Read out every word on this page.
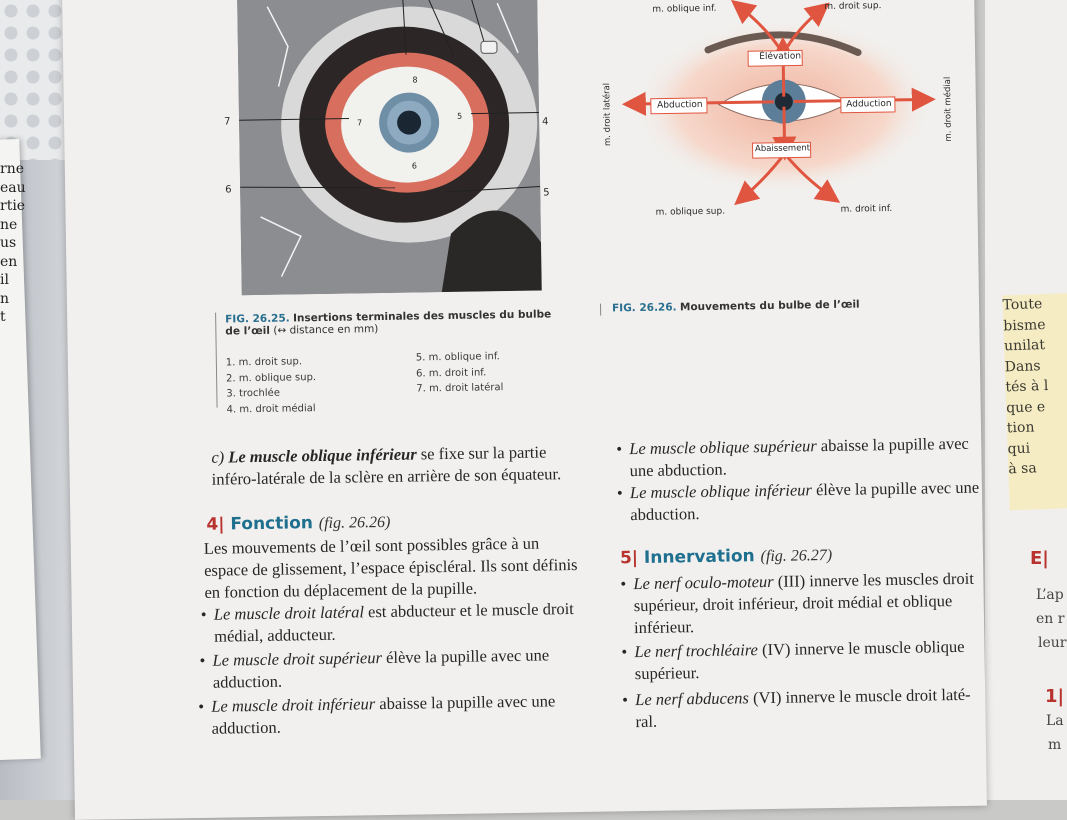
rne
eau
rtie
ne
us
en
il
n
t
Toute
bisme
unilat
Dans
tés à l
que e
tion
qui
à sa
E|
L’ap
en r
leur
1|
La
m
8
7
5
6
7
6
4
5
FIG. 26.25. Insertions terminales des muscles du bulbe
de l’œil (↔ distance en mm)
1. m. droit sup.
2. m. oblique sup.
3. trochlée
4. m. droit médial
5. m. oblique inf.
6. m. droit inf.
7. m. droit latéral
Élévation
Abaissement
Abduction	Adduction
m. oblique inf.	m. droit sup.
m. oblique sup.	m. droit inf.
m. droit latéral	m. droit médial
FIG. 26.26. Mouvements du bulbe de l’œil
c) Le muscle oblique inférieur se fixe sur la partie
inféro-latérale de la sclère en arrière de son équateur.
4| Fonction (fig. 26.26)
Les mouvements de l’œil sont possibles grâce à un
espace de glissement, l’espace épiscléral. Ils sont définis
en fonction du déplacement de la pupille.
• Le muscle droit latéral est abducteur et le muscle droit
médial, adducteur.
• Le muscle droit supérieur élève la pupille avec une
adduction.
• Le muscle droit inférieur abaisse la pupille avec une
adduction.
• Le muscle oblique supérieur abaisse la pupille avec
une abduction.
• Le muscle oblique inférieur élève la pupille avec une
abduction.
5| Innervation (fig. 26.27)
• Le nerf oculo-moteur (III) innerve les muscles droit
supérieur, droit inférieur, droit médial et oblique
inférieur.
• Le nerf trochléaire (IV) innerve le muscle oblique
supérieur.
• Le nerf abducens (VI) innerve le muscle droit laté-
ral.
